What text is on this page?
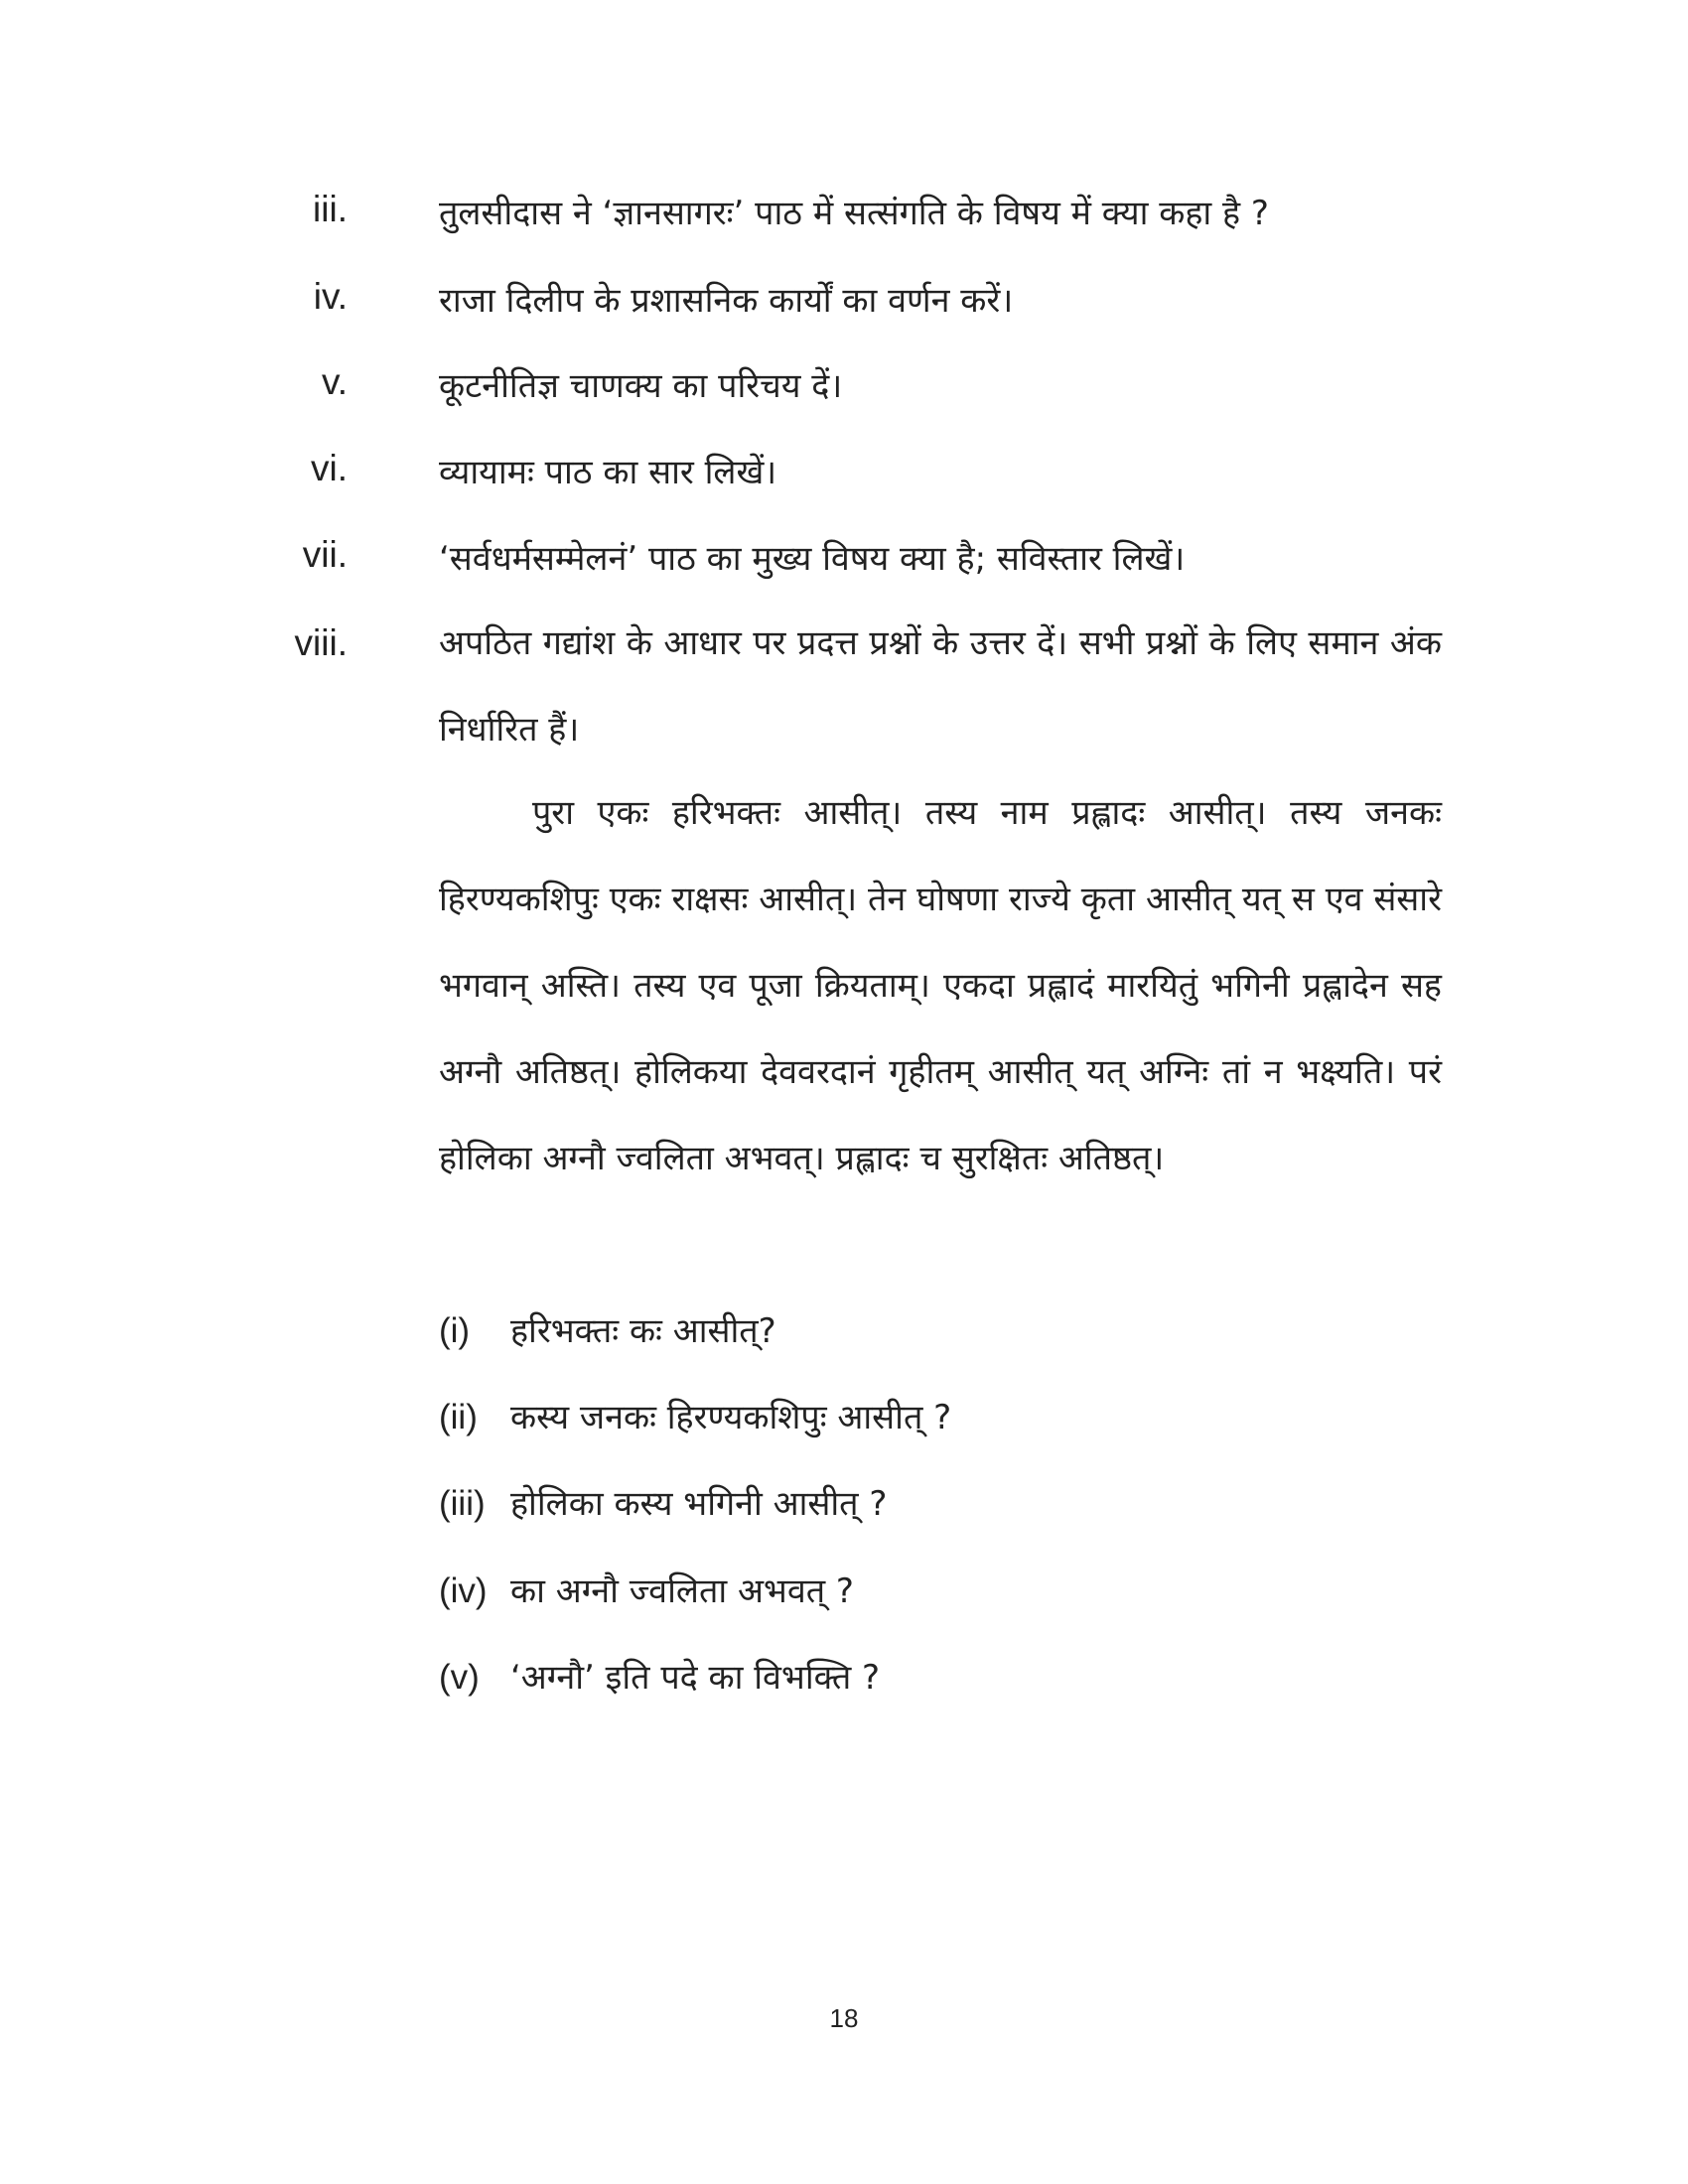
iii.	तुलसीदास ने ‘ज्ञानसागरः’ पाठ में सत्संगति के विषय में क्या कहा है ?
iv.	राजा दिलीप के प्रशासनिक कार्यों का वर्णन करें।
v.	कूटनीतिज्ञ चाणक्य का परिचय दें।
vi.	व्यायामः पाठ का सार लिखें।
vii.	‘सर्वधर्मसम्मेलनं’ पाठ का मुख्य विषय क्या है; सविस्तार लिखें।
viii.	अपठित गद्यांश के आधार पर प्रदत्त प्रश्नों के उत्तर दें। सभी प्रश्नों के लिए समान अंक निर्धारित हैं।

पुरा एकः हरिभक्तः आसीत्। तस्य नाम प्रह्लादः आसीत्। तस्य जनकः हिरण्यकशिपुः एकः राक्षसः आसीत्। तेन घोषणा राज्ये कृता आसीत् यत् स एव संसारे भगवान् अस्ति। तस्य एव पूजा क्रियताम्। एकदा प्रह्लादं मारयितुं भगिनी प्रह्लादेन सह अग्नौ अतिष्ठत्। होलिकया देववरदानं गृहीतम् आसीत् यत् अग्निः तां न भक्ष्यति। परं होलिका अग्नौ ज्वलिता अभवत्। प्रह्लादः च सुरक्षितः अतिष्ठत्।

(i) हरिभक्तः कः आसीत्?
(ii) कस्य जनकः हिरण्यकशिपुः आसीत् ?
(iii) होलिका कस्य भगिनी आसीत् ?
(iv) का अग्नौ ज्वलिता अभवत् ?
(v) ‘अग्नौ’ इति पदे का विभक्ति ?
18
